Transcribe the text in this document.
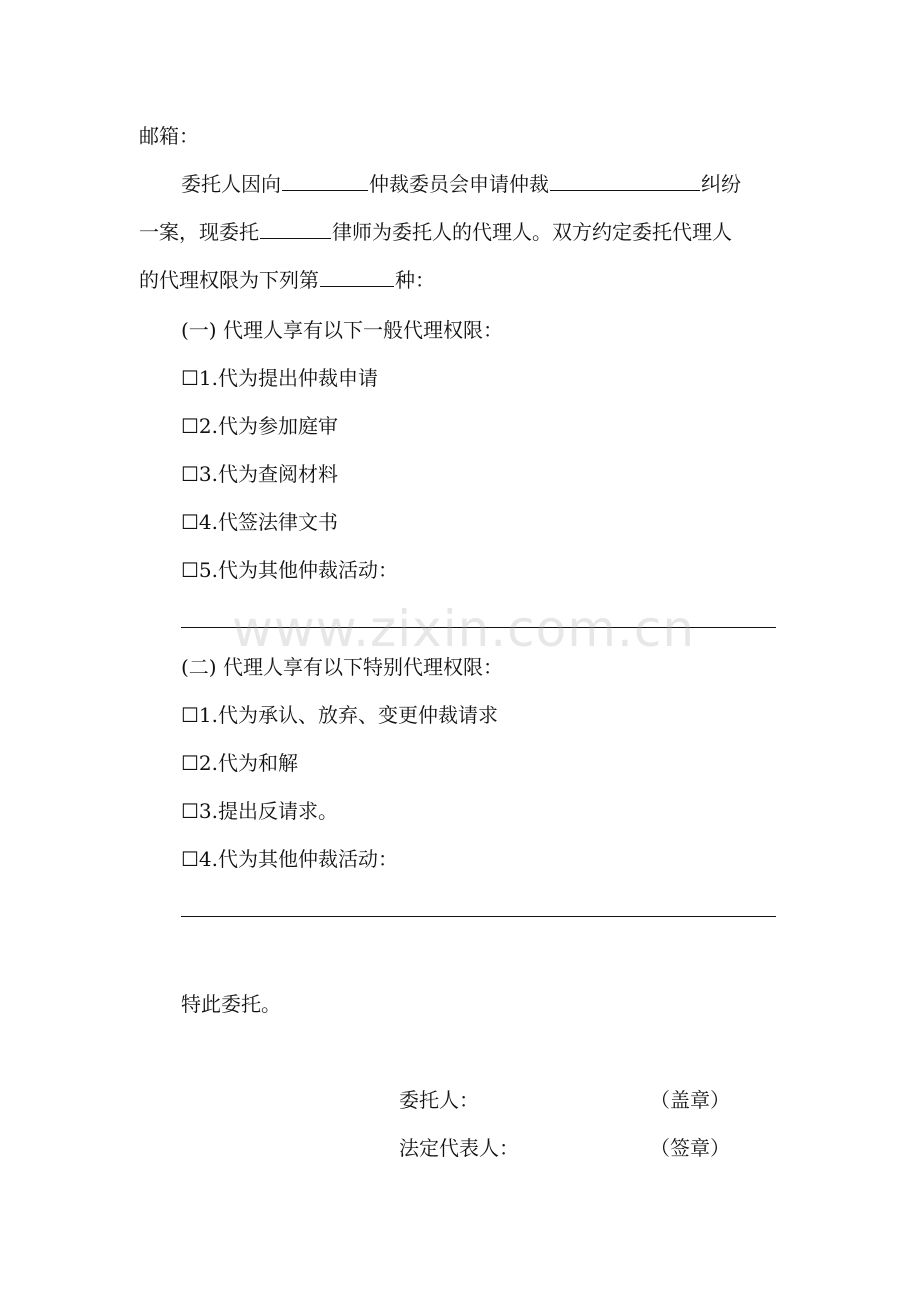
邮箱：
委托人因向	仲裁委员会申请仲裁	纠纷
一案，现委托	律师为委托人的代理人。双方约定委托代理人
的代理权限为下列第	种：
(一) 代理人享有以下一般代理权限：
☐1.代为提出仲裁申请
☐2.代为参加庭审
☐3.代为查阅材料
☐4.代签法律文书
☐5.代为其他仲裁活动：
(二) 代理人享有以下特别代理权限：
☐1.代为承认、放弃、变更仲裁请求
☐2.代为和解
☐3.提出反请求。
☐4.代为其他仲裁活动：
特此委托。
委托人：	（盖章）
法定代表人：	（签章）
www.zixin.com.cn
